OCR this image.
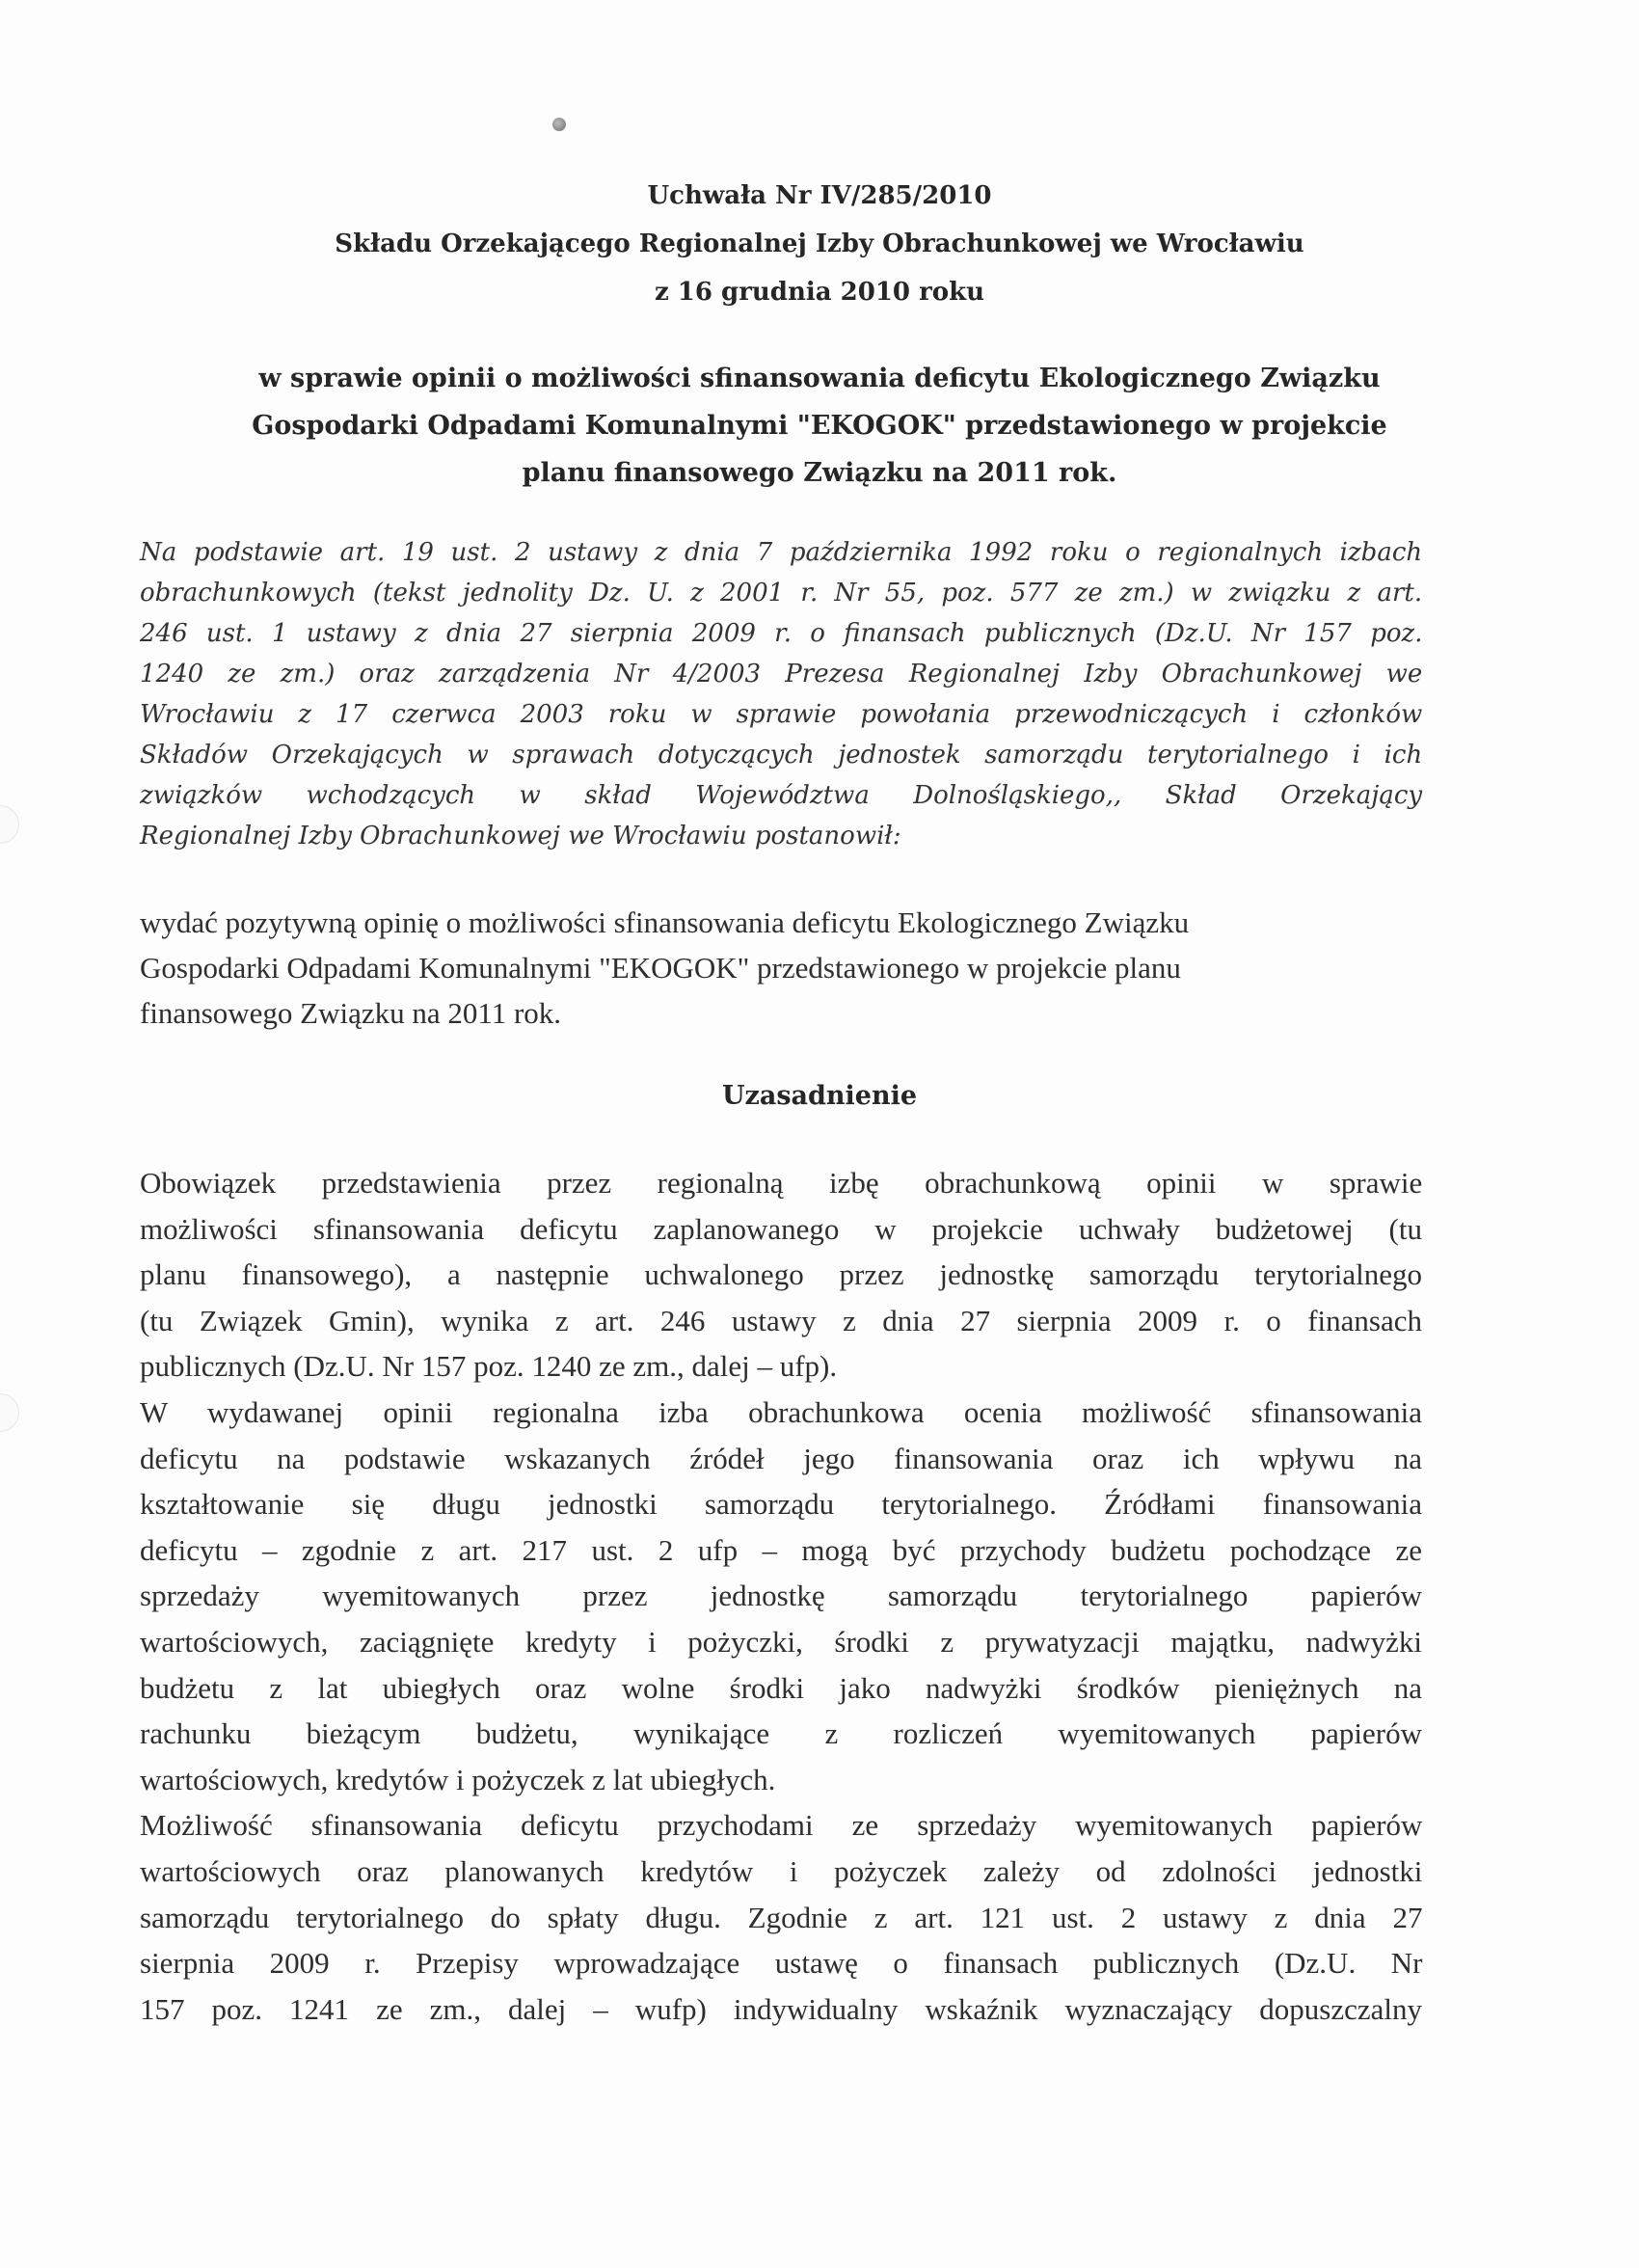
Uchwała Nr IV/285/2010
Składu Orzekającego Regionalnej Izby Obrachunkowej we Wrocławiu
z 16 grudnia 2010 roku
w sprawie opinii o możliwości sfinansowania deficytu Ekologicznego Związku
Gospodarki Odpadami Komunalnymi "EKOGOK" przedstawionego w projekcie
planu finansowego Związku na 2011 rok.
Na podstawie art. 19 ust. 2 ustawy z dnia 7 października 1992 roku o regionalnych izbach
obrachunkowych (tekst jednolity Dz. U. z 2001 r. Nr 55, poz. 577 ze zm.) w związku z art.
246 ust. 1 ustawy z dnia 27 sierpnia 2009 r. o finansach publicznych (Dz.U. Nr 157 poz.
1240 ze zm.) oraz zarządzenia Nr 4/2003 Prezesa Regionalnej Izby Obrachunkowej we
Wrocławiu z 17 czerwca 2003 roku w sprawie powołania przewodniczących i członków
Składów Orzekających w sprawach dotyczących jednostek samorządu terytorialnego i ich
związków wchodzących w skład Województwa Dolnośląskiego,, Skład Orzekający
Regionalnej Izby Obrachunkowej we Wrocławiu postanowił:
wydać pozytywną opinię o możliwości sfinansowania deficytu Ekologicznego Związku
Gospodarki Odpadami Komunalnymi "EKOGOK" przedstawionego w projekcie planu
finansowego Związku na 2011 rok.
Uzasadnienie
Obowiązek przedstawienia przez regionalną izbę obrachunkową opinii w sprawie
możliwości sfinansowania deficytu zaplanowanego w projekcie uchwały budżetowej (tu
planu finansowego), a następnie uchwalonego przez jednostkę samorządu terytorialnego
(tu Związek Gmin), wynika z art. 246 ustawy z dnia 27 sierpnia 2009 r. o finansach
publicznych (Dz.U. Nr 157 poz. 1240 ze zm., dalej – ufp).
W wydawanej opinii regionalna izba obrachunkowa ocenia możliwość sfinansowania
deficytu na podstawie wskazanych źródeł jego finansowania oraz ich wpływu na
kształtowanie się długu jednostki samorządu terytorialnego. Źródłami finansowania
deficytu – zgodnie z art. 217 ust. 2 ufp – mogą być przychody budżetu pochodzące ze
sprzedaży wyemitowanych przez jednostkę samorządu terytorialnego papierów
wartościowych, zaciągnięte kredyty i pożyczki, środki z prywatyzacji majątku, nadwyżki
budżetu z lat ubiegłych oraz wolne środki jako nadwyżki środków pieniężnych na
rachunku bieżącym budżetu, wynikające z rozliczeń wyemitowanych papierów
wartościowych, kredytów i pożyczek z lat ubiegłych.
Możliwość sfinansowania deficytu przychodami ze sprzedaży wyemitowanych papierów
wartościowych oraz planowanych kredytów i pożyczek zależy od zdolności jednostki
samorządu terytorialnego do spłaty długu. Zgodnie z art. 121 ust. 2 ustawy z dnia 27
sierpnia 2009 r. Przepisy wprowadzające ustawę o finansach publicznych (Dz.U. Nr
157 poz. 1241 ze zm., dalej – wufp) indywidualny wskaźnik wyznaczający dopuszczalny
